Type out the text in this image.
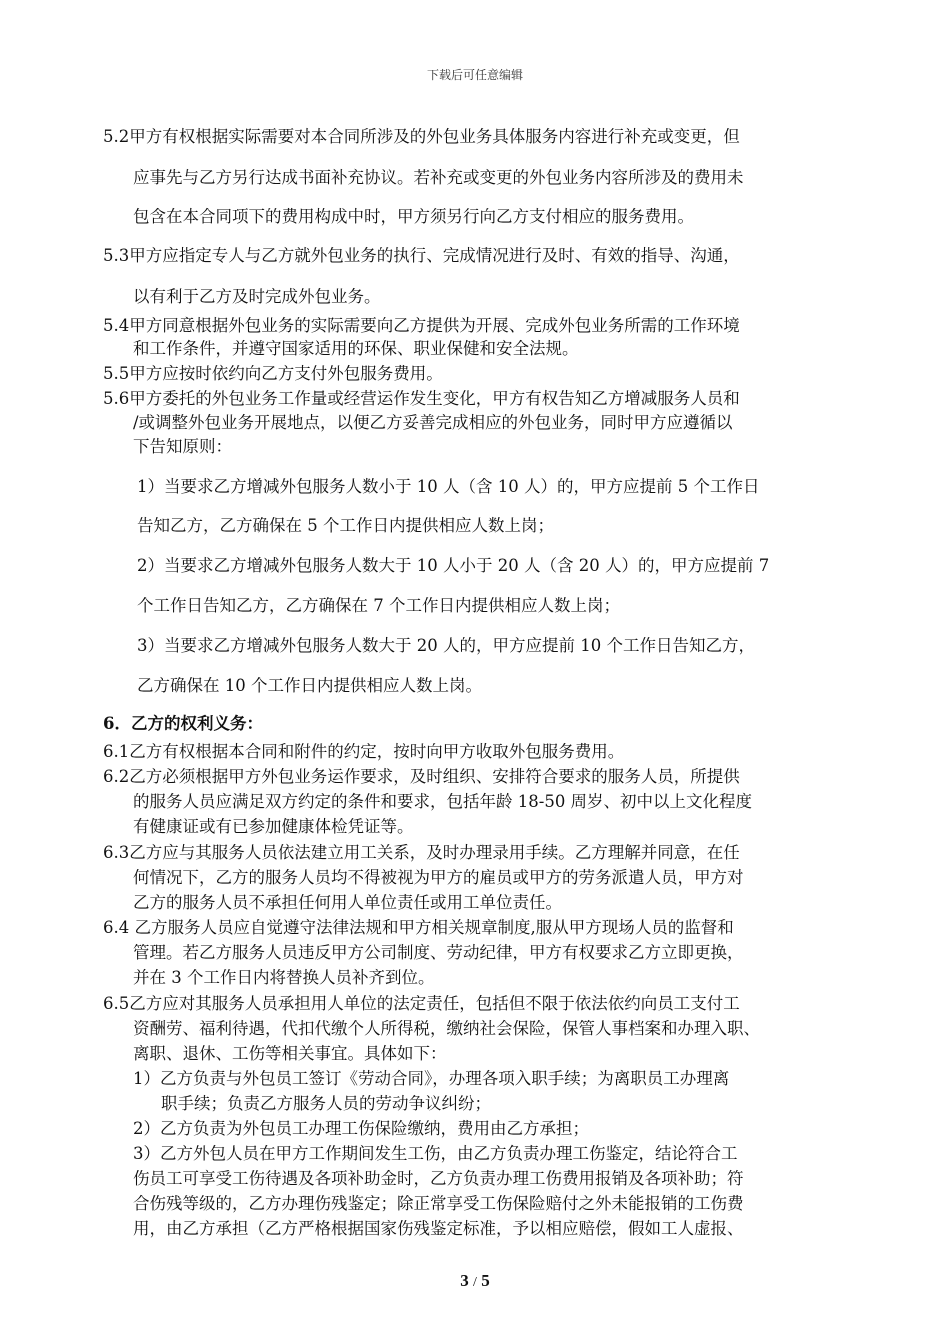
下载后可任意编辑
5.2甲方有权根据实际需要对本合同所涉及的外包业务具体服务内容进行补充或变更，但
应事先与乙方另行达成书面补充协议。若补充或变更的外包业务内容所涉及的费用未
包含在本合同项下的费用构成中时，甲方须另行向乙方支付相应的服务费用。
5.3甲方应指定专人与乙方就外包业务的执行、完成情况进行及时、有效的指导、沟通，
以有利于乙方及时完成外包业务。
5.4甲方同意根据外包业务的实际需要向乙方提供为开展、完成外包业务所需的工作环境
和工作条件，并遵守国家适用的环保、职业保健和安全法规。
5.5甲方应按时依约向乙方支付外包服务费用。
5.6甲方委托的外包业务工作量或经营运作发生变化，甲方有权告知乙方增减服务人员和
/或调整外包业务开展地点，以便乙方妥善完成相应的外包业务，同时甲方应遵循以
下告知原则：
1）当要求乙方增减外包服务人数小于 10 人（含 10 人）的，甲方应提前 5 个工作日
告知乙方，乙方确保在 5 个工作日内提供相应人数上岗；
2）当要求乙方增减外包服务人数大于 10 人小于 20 人（含 20 人）的，甲方应提前 7
个工作日告知乙方，乙方确保在 7 个工作日内提供相应人数上岗；
3）当要求乙方增减外包服务人数大于 20 人的，甲方应提前 10 个工作日告知乙方，
乙方确保在 10 个工作日内提供相应人数上岗。
6．乙方的权利义务：
6.1乙方有权根据本合同和附件的约定，按时向甲方收取外包服务费用。
6.2乙方必须根据甲方外包业务运作要求，及时组织、安排符合要求的服务人员，所提供
的服务人员应满足双方约定的条件和要求，包括年龄 18-50 周岁、初中以上文化程度
有健康证或有已参加健康体检凭证等。
6.3乙方应与其服务人员依法建立用工关系，及时办理录用手续。乙方理解并同意，在任
何情况下，乙方的服务人员均不得被视为甲方的雇员或甲方的劳务派遣人员，甲方对
乙方的服务人员不承担任何用人单位责任或用工单位责任。
6.4 乙方服务人员应自觉遵守法律法规和甲方相关规章制度,服从甲方现场人员的监督和
管理。若乙方服务人员违反甲方公司制度、劳动纪律，甲方有权要求乙方立即更换，
并在 3 个工作日内将替换人员补齐到位。
6.5乙方应对其服务人员承担用人单位的法定责任，包括但不限于依法依约向员工支付工
资酬劳、福利待遇，代扣代缴个人所得税，缴纳社会保险，保管人事档案和办理入职、
离职、退休、工伤等相关事宜。具体如下：
1）乙方负责与外包员工签订《劳动合同》，办理各项入职手续；为离职员工办理离
职手续；负责乙方服务人员的劳动争议纠纷；
2）乙方负责为外包员工办理工伤保险缴纳，费用由乙方承担；
3）乙方外包人员在甲方工作期间发生工伤，由乙方负责办理工伤鉴定，结论符合工
伤员工可享受工伤待遇及各项补助金时，乙方负责办理工伤费用报销及各项补助；符
合伤残等级的，乙方办理伤残鉴定；除正常享受工伤保险赔付之外未能报销的工伤费
用，由乙方承担（乙方严格根据国家伤残鉴定标准，予以相应赔偿，假如工人虚报、
3 / 5
